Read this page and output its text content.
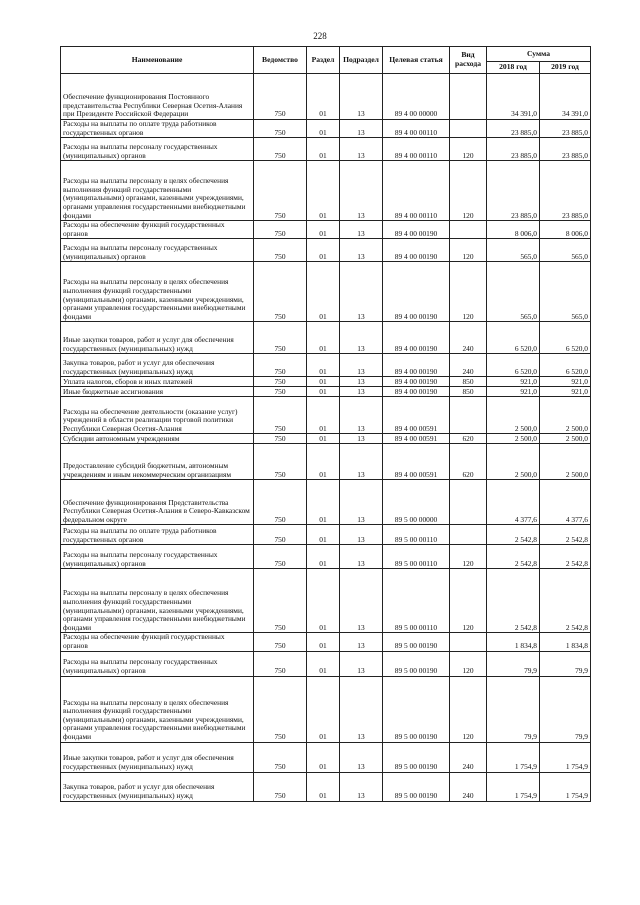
228
Наименование	Ведомство	Раздел	Подраздел	Целевая статья	Вид расхода	Сумма	
						2018 год	2019 год
Обеспечение функционирования Постоянного представительства Республики Северная Осетия-Алания при Президенте Российской Федерации	750	01	13	89 4 00 00000		34 391,0	34 391,0
Расходы на выплаты по оплате труда работников государственных органов	750	01	13	89 4 00 00110		23 885,0	23 885,0
Расходы на выплаты персоналу государственных (муниципальных) органов	750	01	13	89 4 00 00110	120	23 885,0	23 885,0
Расходы на выплаты персоналу в целях обеспечения выполнения функций государственными (муниципальными) органами, казенными учреждениями, органами управления государственными внебюджетными фондами	750	01	13	89 4 00 00110	120	23 885,0	23 885,0
Расходы на обеспечение функций государственных органов	750	01	13	89 4 00 00190		8 006,0	8 006,0
Расходы на выплаты персоналу государственных (муниципальных) органов	750	01	13	89 4 00 00190	120	565,0	565,0
Расходы на выплаты персоналу в целях обеспечения выполнения функций государственными (муниципальными) органами, казенными учреждениями, органами управления государственными внебюджетными фондами	750	01	13	89 4 00 00190	120	565,0	565,0
Иные закупки товаров, работ и услуг для обеспечения государственных (муниципальных) нужд	750	01	13	89 4 00 00190	240	6 520,0	6 520,0
Закупка товаров, работ и услуг для обеспечения государственных (муниципальных) нужд	750	01	13	89 4 00 00190	240	6 520,0	6 520,0
Уплата налогов, сборов и иных платежей	750	01	13	89 4 00 00190	850	921,0	921,0
Иные бюджетные ассигнования	750	01	13	89 4 00 00190	850	921,0	921,0
Расходы на обеспечение деятельности (оказание услуг) учреждений в области реализации торговой политики Республики Северная Осетия-Алания	750	01	13	89 4 00 00591		2 500,0	2 500,0
Субсидии автономным учреждениям	750	01	13	89 4 00 00591	620	2 500,0	2 500,0
Предоставление субсидий бюджетным, автономным учреждениям и иным некоммерческим организациям	750	01	13	89 4 00 00591	620	2 500,0	2 500,0
Обеспечение функционирования Представительства Республики Северная Осетия-Алания в Северо-Кавказском федеральном округе	750	01	13	89 5 00 00000		4 377,6	4 377,6
Расходы на выплаты по оплате труда работников государственных органов	750	01	13	89 5 00 00110		2 542,8	2 542,8
Расходы на выплаты персоналу государственных (муниципальных) органов	750	01	13	89 5 00 00110	120	2 542,8	2 542,8
Расходы на выплаты персоналу в целях обеспечения выполнения функций государственными (муниципальными) органами, казенными учреждениями, органами управления государственными внебюджетными фондами	750	01	13	89 5 00 00110	120	2 542,8	2 542,8
Расходы на обеспечение функций государственных органов	750	01	13	89 5 00 00190		1 834,8	1 834,8
Расходы на выплаты персоналу государственных (муниципальных) органов	750	01	13	89 5 00 00190	120	79,9	79,9
Расходы на выплаты персоналу в целях обеспечения выполнения функций государственными (муниципальными) органами, казенными учреждениями, органами управления государственными внебюджетными фондами	750	01	13	89 5 00 00190	120	79,9	79,9
Иные закупки товаров, работ и услуг для обеспечения государственных (муниципальных) нужд	750	01	13	89 5 00 00190	240	1 754,9	1 754,9
Закупка товаров, работ и услуг для обеспечения государственных (муниципальных) нужд	750	01	13	89 5 00 00190	240	1 754,9	1 754,9
